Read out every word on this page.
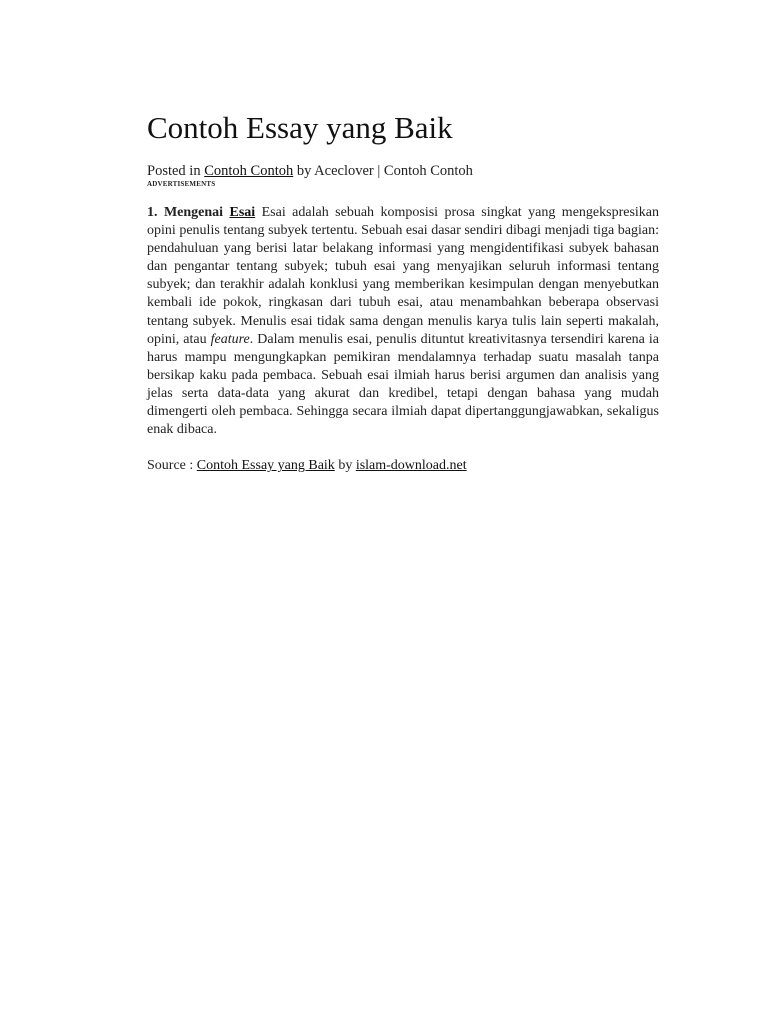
Contoh Essay yang Baik
Posted in Contoh Contoh by Aceclover | Contoh Contoh
ADVERTISEMENTS

1. Mengenai Esai Esai adalah sebuah komposisi prosa singkat yang mengekspresikan opini penulis tentang subyek tertentu. Sebuah esai dasar sendiri dibagi menjadi tiga bagian: pendahuluan yang berisi latar belakang informasi yang mengidentifikasi subyek bahasan dan pengantar tentang subyek; tubuh esai yang menyajikan seluruh informasi tentang subyek; dan terakhir adalah konklusi yang memberikan kesimpulan dengan menyebutkan kembali ide pokok, ringkasan dari tubuh esai, atau menambahkan beberapa observasi tentang subyek. Menulis esai tidak sama dengan menulis karya tulis lain seperti makalah, opini, atau feature. Dalam menulis esai, penulis dituntut kreativitasnya tersendiri karena ia harus mampu mengungkapkan pemikiran mendalamnya terhadap suatu masalah tanpa bersikap kaku pada pembaca. Sebuah esai ilmiah harus berisi argumen dan analisis yang jelas serta data-data yang akurat dan kredibel, tetapi dengan bahasa yang mudah dimengerti oleh pembaca. Sehingga secara ilmiah dapat dipertanggungjawabkan, sekaligus enak dibaca.

Source : Contoh Essay yang Baik by islam-download.net
